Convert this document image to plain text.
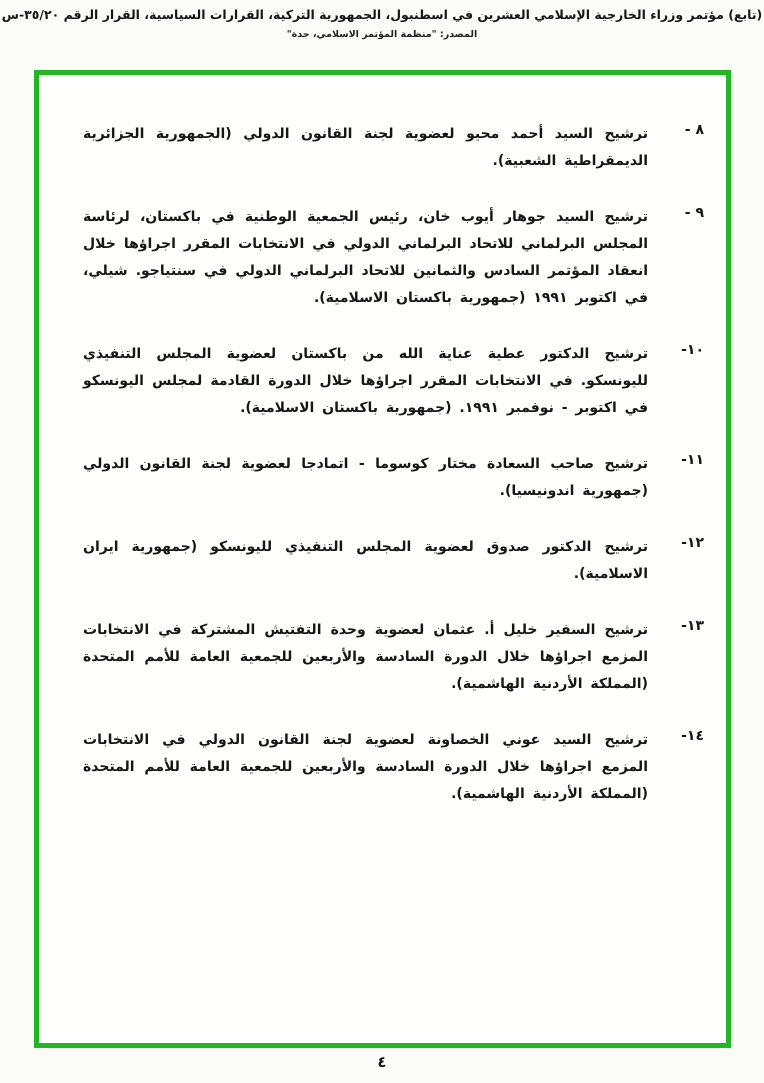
(تابع) مؤتمر وزراء الخارجية الإسلامي العشرين في اسطنبول، الجمهورية التركية، القرارات السياسية، القرار الرقم ٣٥/٢٠-س
المصدر: "منظمة المؤتمر الاسلامي، جدة"
٨ -
ترشيح السيد أحمد محيو لعضوية لجنة القانون الدولي (الجمهورية الجزائرية الديمقراطية الشعبية).
٩ -
ترشيح السيد جوهار أيوب خان، رئيس الجمعية الوطنية في باكستان، لرئاسة المجلس البرلماني للاتحاد البرلماني الدولي في الانتخابات المقرر اجراؤها خلال انعقاد المؤتمر السادس والثمانين للاتحاد البرلماني الدولي في سنتياجو. شيلي، في اكتوبر ١٩٩١ (جمهورية باكستان الاسلامية).
١٠-
ترشيح الدكتور عطية عناية الله من باكستان لعضوية المجلس التنفيذي لليونسكو. في الانتخابات المقرر اجراؤها خلال الدورة القادمة لمجلس اليونسكو في اكتوبر - نوفمبر ١٩٩١. (جمهورية باكستان الاسلامية).
١١-
ترشيح صاحب السعادة مختار كوسوما - اتمادجا لعضوية لجنة القانون الدولي (جمهورية اندونيسيا).
١٢-
ترشيح الدكتور صدوق لعضوية المجلس التنفيذي لليونسكو (جمهورية ايران الاسلامية).
١٣-
ترشيح السفير خليل أ. عثمان لعضوية وحدة التفتيش المشتركة في الانتخابات المزمع اجراؤها خلال الدورة السادسة والأربعين للجمعية العامة للأمم المتحدة (المملكة الأردنية الهاشمية).
١٤-
ترشيح السيد عوني الخصاونة لعضوية لجنة القانون الدولي في الانتخابات المزمع اجراؤها خلال الدورة السادسة والأربعين للجمعية العامة للأمم المتحدة (المملكة الأردنية الهاشمية).
٤
